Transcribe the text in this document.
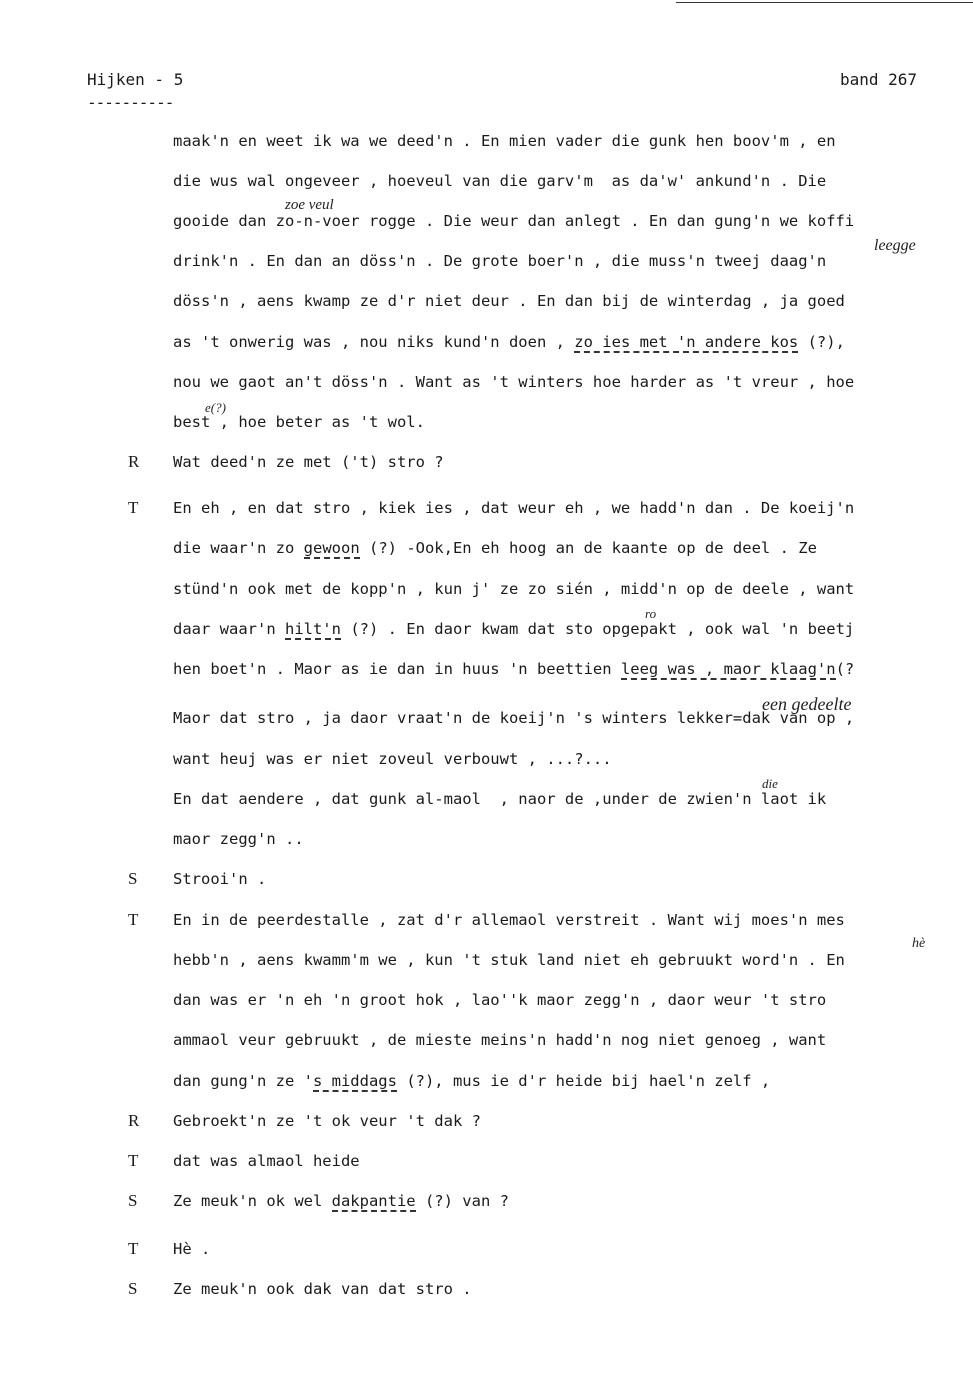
Hijken - 5	band 267
----------
maak'n en weet ik wa we deed'n . En mien vader die gunk hen boov'm , en
die wus wal ongeveer , hoeveul van die garv'm  as da'w' ankund'n . Die
gooide dan zo-n-voer rogge . Die weur dan anlegt . En dan gung'n we koffi
drink'n . En dan an döss'n . De grote boer'n , die muss'n tweej daag'n
döss'n , aens kwamp ze d'r niet deur . En dan bij de winterdag , ja goed
as 't onwerig was , nou niks kund'n doen , zo ies met 'n andere kos (?),
nou we gaot an't döss'n . Want as 't winters hoe harder as 't vreur , hoe
best , hoe beter as 't wol.
R Wat deed'n ze met ('t) stro ?
T En eh , en dat stro , kiek ies , dat weur eh , we hadd'n dan . De koeij'n
die waar'n zo gewoon (?) -Ook,En eh hoog an de kaante op de deel . Ze
stünd'n ook met de kopp'n , kun j' ze zo sién , midd'n op de deele , want
daar waar'n hilt'n (?) . En daor kwam dat sto opgepakt , ook wal 'n beetj
hen boet'n . Maor as ie dan in huus 'n beettien leeg was , maor klaag'n(?
Maor dat stro , ja daor vraat'n de koeij'n 's winters lekker=dak van op ,
want heuj was er niet zoveul verbouwt , ...?...
En dat aendere , dat gunk al-maol  , naor de ,under de zwien'n laot ik
maor zegg'n ..
S Strooi'n .
T En in de peerdestalle , zat d'r allemaol verstreit . Want wij moes'n mes
hebb'n , aens kwamm'm we , kun 't stuk land niet eh gebruukt word'n . En
dan was er 'n eh 'n groot hok , lao''k maor zegg'n , daor weur 't stro
ammaol veur gebruukt , de mieste meins'n hadd'n nog niet genoeg , want
dan gung'n ze 's middags (?), mus ie d'r heide bij hael'n zelf ,
R Gebroekt'n ze 't ok veur 't dak ?
T dat was almaol heide
S Ze meuk'n ok wel dakpantie (?) van ?
T Hè .
S Ze meuk'n ook dak van dat stro .
zoe veul
leegge
een gedeelte
die
hè
e(?)
ro
